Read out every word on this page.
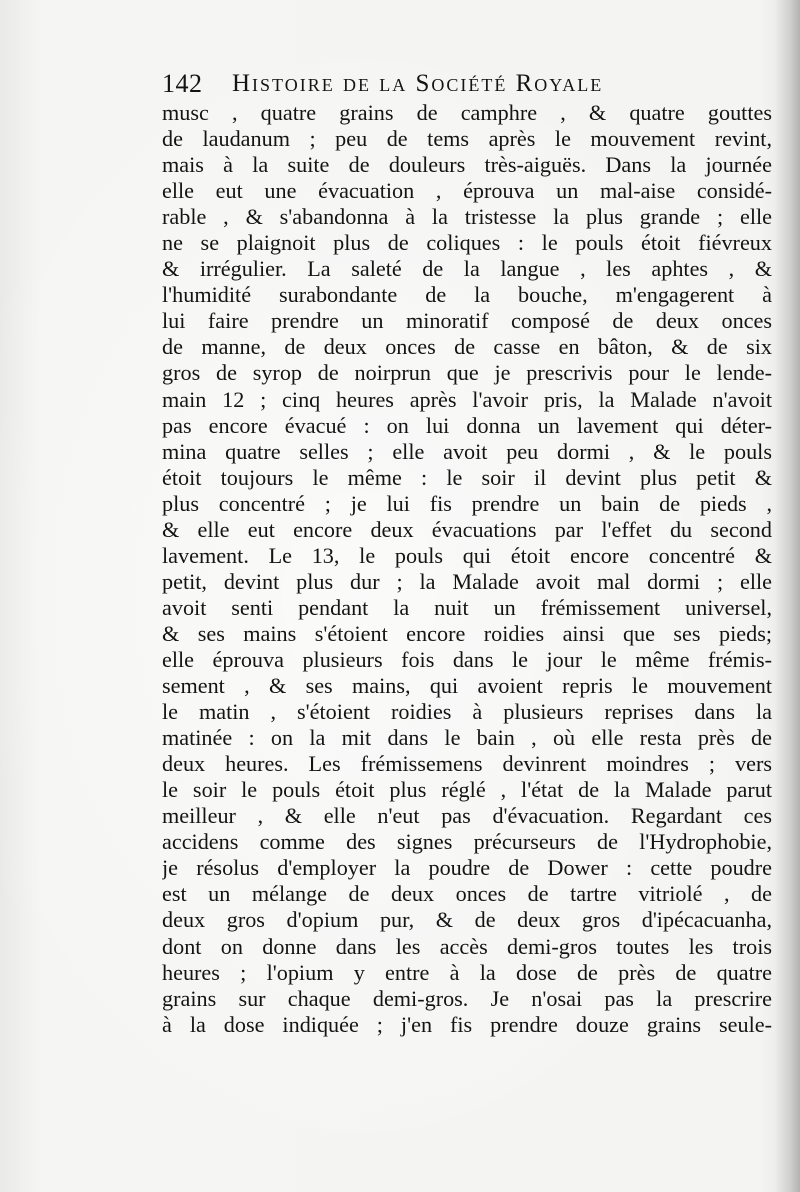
142 Histoire de la Société Royale
musc , quatre grains de camphre , & quatre gouttes
de laudanum ; peu de tems après le mouvement revint,
mais à la suite de douleurs très-aiguës. Dans la journée
elle eut une évacuation , éprouva un mal-aise considé-
rable , & s'abandonna à la tristesse la plus grande ; elle
ne se plaignoit plus de coliques : le pouls étoit fiévreux
& irrégulier. La saleté de la langue , les aphtes , &
l'humidité surabondante de la bouche, m'engagerent à
lui faire prendre un minoratif composé de deux onces
de manne, de deux onces de casse en bâton, & de six
gros de syrop de noirprun que je prescrivis pour le lende-
main 12 ; cinq heures après l'avoir pris, la Malade n'avoit
pas encore évacué : on lui donna un lavement qui déter-
mina quatre selles ; elle avoit peu dormi , & le pouls
étoit toujours le même : le soir il devint plus petit &
plus concentré ; je lui fis prendre un bain de pieds ,
& elle eut encore deux évacuations par l'effet du second
lavement. Le 13, le pouls qui étoit encore concentré &
petit, devint plus dur ; la Malade avoit mal dormi ; elle
avoit senti pendant la nuit un frémissement universel,
& ses mains s'étoient encore roidies ainsi que ses pieds;
elle éprouva plusieurs fois dans le jour le même frémis-
sement , & ses mains, qui avoient repris le mouvement
le matin , s'étoient roidies à plusieurs reprises dans la
matinée : on la mit dans le bain , où elle resta près de
deux heures. Les frémissemens devinrent moindres ; vers
le soir le pouls étoit plus réglé , l'état de la Malade parut
meilleur , & elle n'eut pas d'évacuation. Regardant ces
accidens comme des signes précurseurs de l'Hydrophobie,
je résolus d'employer la poudre de Dower : cette poudre
est un mélange de deux onces de tartre vitriolé , de
deux gros d'opium pur, & de deux gros d'ipécacuanha,
dont on donne dans les accès demi-gros toutes les trois
heures ; l'opium y entre à la dose de près de quatre
grains sur chaque demi-gros. Je n'osai pas la prescrire
à la dose indiquée ; j'en fis prendre douze grains seule-
